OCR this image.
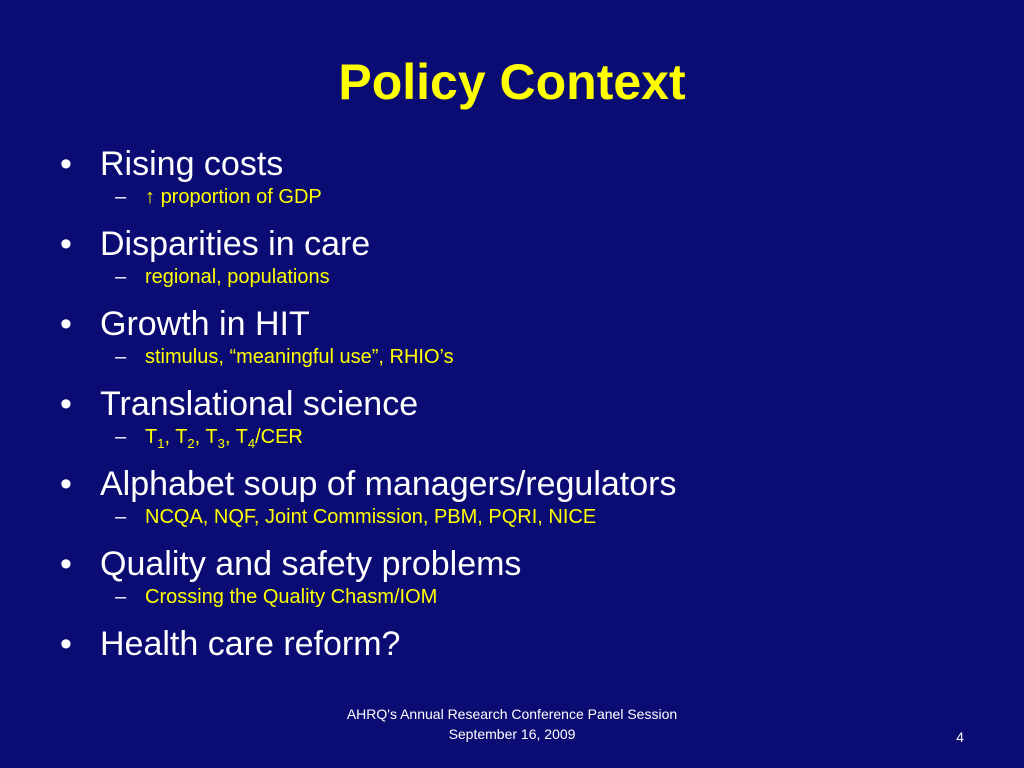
Policy Context
• Rising costs
– ↑ proportion of GDP
• Disparities in care
– regional, populations
• Growth in HIT
– stimulus, “meaningful use”, RHIO’s
• Translational science
– $T_1$, $T_2$, $T_3$, $T_4$/CER
• Alphabet soup of managers/regulators
– NCQA, NQF, Joint Commission, PBM, PQRI, NICE
• Quality and safety problems
– Crossing the Quality Chasm/IOM
• Health care reform?
AHRQ's Annual Research Conference Panel Session
September 16, 2009	4
